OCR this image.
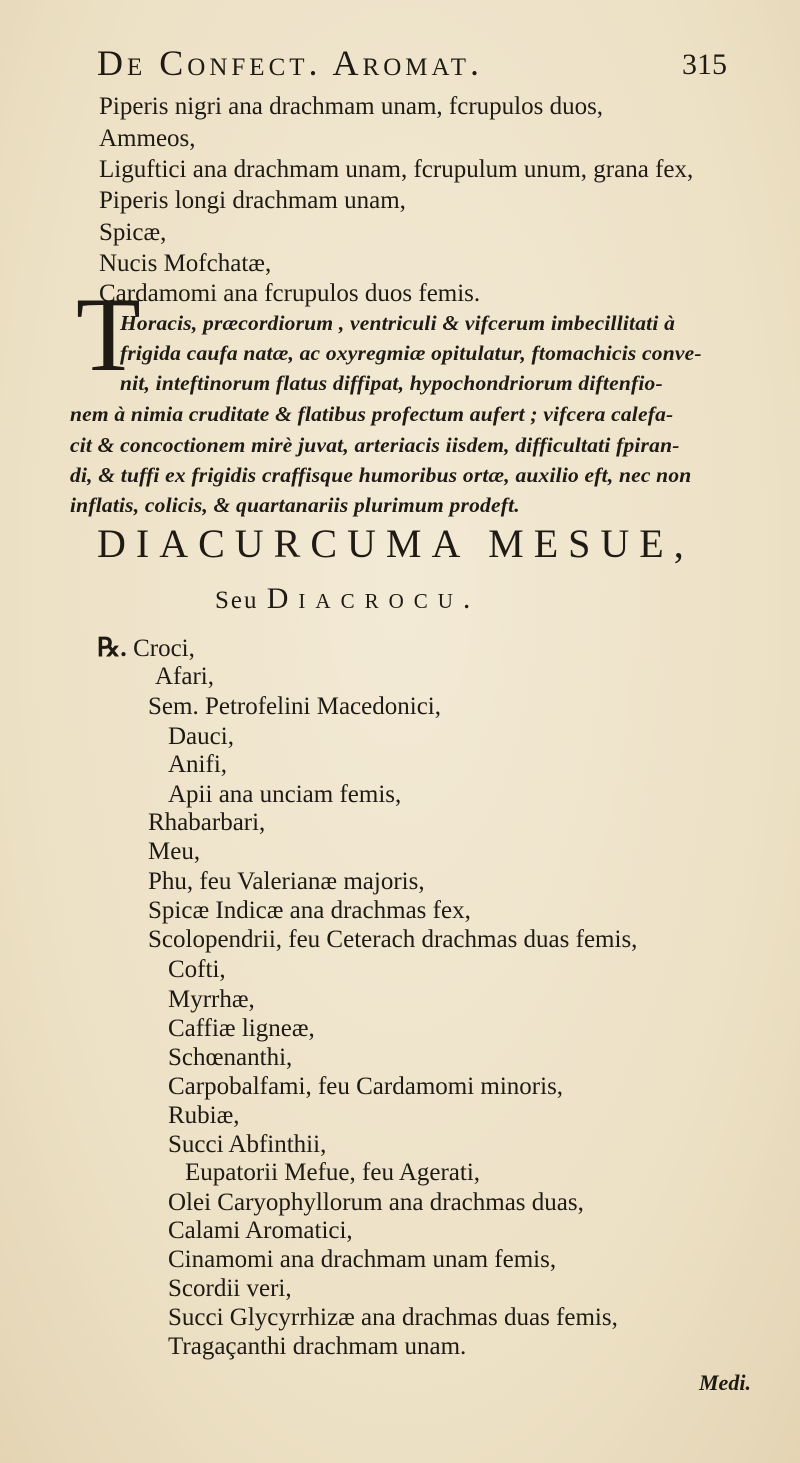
De Confect. Aromat.	315
Piperis nigri ana drachmam unam, fcrupulos duos,
Ammeos,
Liguftici ana drachmam unam, fcrupulum unum, grana fex,
Piperis longi drachmam unam,
Spicæ,
Nucis Mofchatæ,
Cardamomi ana fcrupulos duos femis.
T
Horacis, præcordiorum , ventriculi & vifcerum imbecillitati à
frigida caufa natæ, ac oxyregmiæ opitulatur, ftomachicis conve-
nit, inteftinorum flatus diffipat, hypochondriorum diftenfio-
nem à nimia cruditate & flatibus profectum aufert ; vifcera calefa-
cit & concoctionem mirè juvat, arteriacis iisdem, difficultati fpiran-
di, & tuffi ex frigidis craffisque humoribus ortæ, auxilio eft, nec non
inflatis, colicis, & quartanariis plurimum prodeft.
DIACURCUMA MESUE,
Seu Diacrocu.
℞. Croci,
Afari,
Sem. Petrofelini Macedonici,
Dauci,
Anifi,
Apii ana unciam femis,
Rhabarbari,
Meu,
Phu, feu Valerianæ majoris,
Spicæ Indicæ ana drachmas fex,
Scolopendrii, feu Ceterach drachmas duas femis,
Cofti,
Myrrhæ,
Caffiæ ligneæ,
Schœnanthi,
Carpobalfami, feu Cardamomi minoris,
Rubiæ,
Succi Abfinthii,
Eupatorii Mefue, feu Agerati,
Olei Caryophyllorum ana drachmas duas,
Calami Aromatici,
Cinamomi ana drachmam unam femis,
Scordii veri,
Succi Glycyrrhizæ ana drachmas duas femis,
Tragaçanthi drachmam unam.
Medi.
